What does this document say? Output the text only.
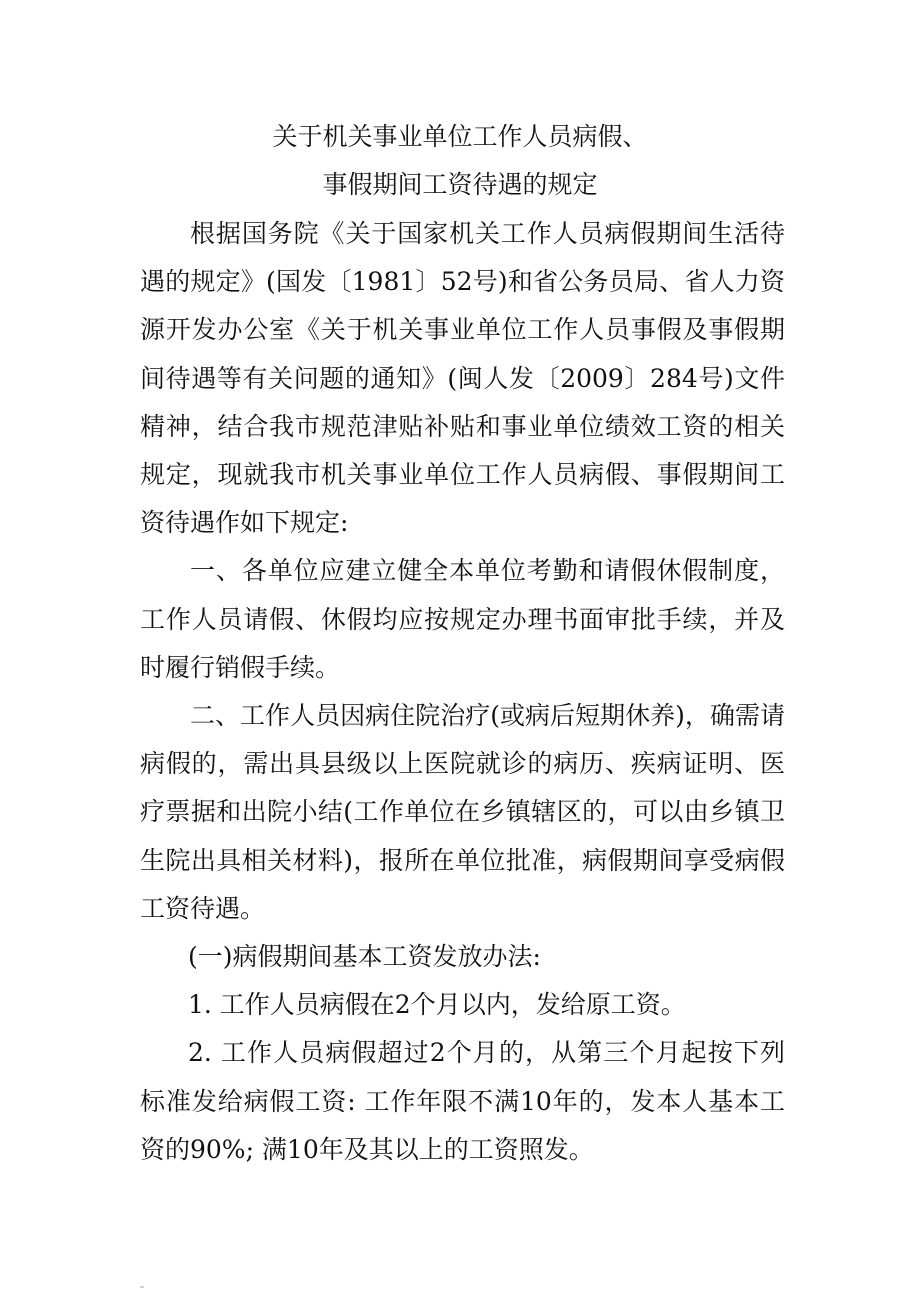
关于机关事业单位工作人员病假、
事假期间工资待遇的规定

根据国务院《关于国家机关工作人员病假期间生活待遇的规定》(国发〔1981〕52号)和省公务员局、省人力资源开发办公室《关于机关事业单位工作人员事假及事假期间待遇等有关问题的通知》(闽人发〔2009〕284号)文件精神，结合我市规范津贴补贴和事业单位绩效工资的相关规定，现就我市机关事业单位工作人员病假、事假期间工资待遇作如下规定:

一、各单位应建立健全本单位考勤和请假休假制度，工作人员请假、休假均应按规定办理书面审批手续，并及时履行销假手续。

二、工作人员因病住院治疗(或病后短期休养)，确需请病假的，需出具县级以上医院就诊的病历、疾病证明、医疗票据和出院小结(工作单位在乡镇辖区的，可以由乡镇卫生院出具相关材料)，报所在单位批准，病假期间享受病假工资待遇。

(一)病假期间基本工资发放办法:

1. 工作人员病假在2个月以内，发给原工资。

2. 工作人员病假超过2个月的，从第三个月起按下列标准发给病假工资: 工作年限不满10年的，发本人基本工资的90%; 满10年及其以上的工资照发。
